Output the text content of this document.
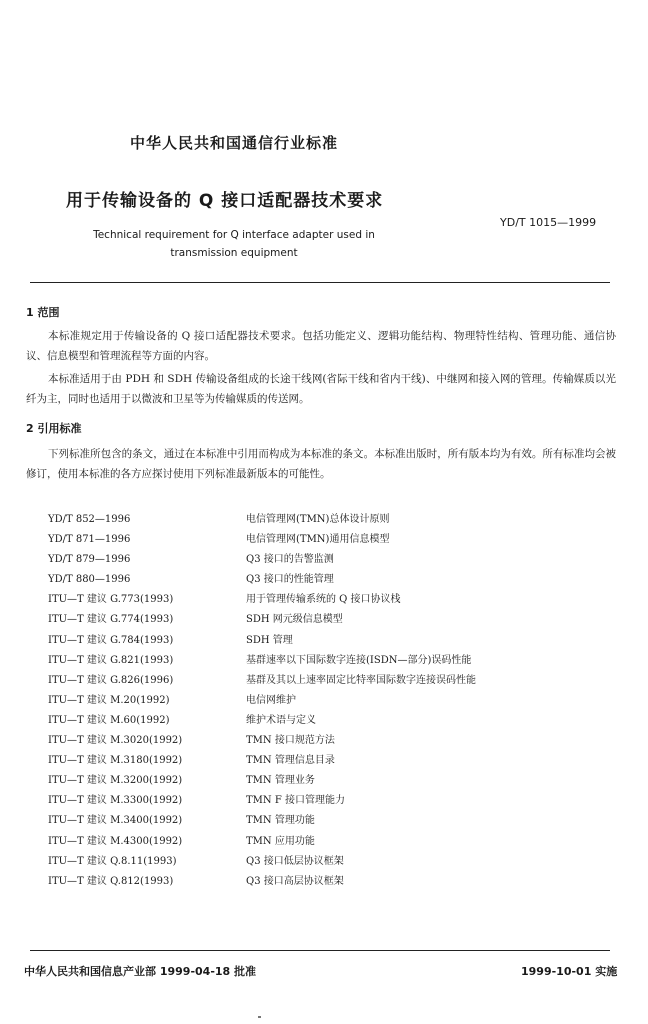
中华人民共和国通信行业标准
用于传输设备的 Q 接口适配器技术要求
YD/T 1015—1999
Technical requirement for Q interface adapter used in
transmission equipment
1 范围
本标准规定用于传输设备的 Q 接口适配器技术要求。包括功能定义、逻辑功能结构、物理特性结构、管理功能、通信协议、信息模型和管理流程等方面的内容。
本标准适用于由 PDH 和 SDH 传输设备组成的长途干线网(省际干线和省内干线)、中继网和接入网的管理。传输媒质以光纤为主，同时也适用于以微波和卫星等为传输媒质的传送网。
2 引用标准
下列标准所包含的条文，通过在本标准中引用而构成为本标准的条文。本标准出版时，所有版本均为有效。所有标准均会被修订，使用本标准的各方应探讨使用下列标准最新版本的可能性。
YD/T 852—1996	电信管理网(TMN)总体设计原则
YD/T 871—1996	电信管理网(TMN)通用信息模型
YD/T 879—1996	Q3 接口的告警监测
YD/T 880—1996	Q3 接口的性能管理
ITU—T 建议 G.773(1993)	用于管理传输系统的 Q 接口协议栈
ITU—T 建议 G.774(1993)	SDH 网元级信息模型
ITU—T 建议 G.784(1993)	SDH 管理
ITU—T 建议 G.821(1993)	基群速率以下国际数字连接(ISDN—部分)误码性能
ITU—T 建议 G.826(1996)	基群及其以上速率固定比特率国际数字连接误码性能
ITU—T 建议 M.20(1992)	电信网维护
ITU—T 建议 M.60(1992)	维护术语与定义
ITU—T 建议 M.3020(1992)	TMN 接口规范方法
ITU—T 建议 M.3180(1992)	TMN 管理信息目录
ITU—T 建议 M.3200(1992)	TMN 管理业务
ITU—T 建议 M.3300(1992)	TMN F 接口管理能力
ITU—T 建议 M.3400(1992)	TMN 管理功能
ITU—T 建议 M.4300(1992)	TMN 应用功能
ITU—T 建议 Q.8.11(1993)	Q3 接口低层协议框架
ITU—T 建议 Q.812(1993)	Q3 接口高层协议框架
中华人民共和国信息产业部 1999-04-18 批准	1999-10-01 实施
